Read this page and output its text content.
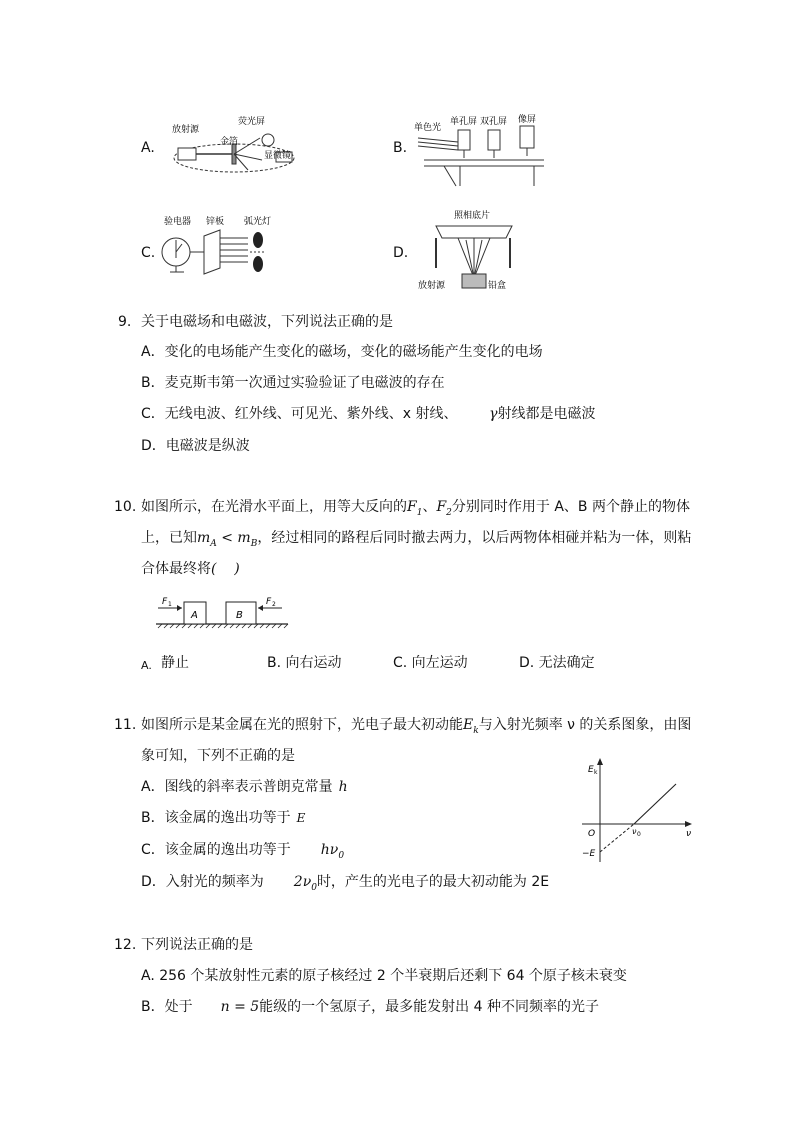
A.
放射源
荧光屏
金箔
显微镜	B.
单色光
单孔屏 双孔屏 像屏
C.
验电器 锌板 弧光灯
D.
照相底片
放射源	铅盒
9. 关于电磁场和电磁波，下列说法正确的是
A．变化的电场能产生变化的磁场，变化的磁场能产生变化的电场
B．麦克斯韦第一次通过实验验证了电磁波的存在
C．无线电波、红外线、可见光、紫外线、x 射线、 γ射线都是电磁波
D．电磁波是纵波
10. 如图所示，在光滑水平面上，用等大反向的$F_1$、$F_2$分别同时作用于 A、B 两个静止的物体
上，已知$m_A < m_B$，经过相同的路程后同时撤去两力，以后两物体相碰并粘为一体，则粘
合体最终将(    )
A	B
F 1	F 2
A. 静止	B. 向右运动	C. 向左运动	D. 无法确定
11. 如图所示是某金属在光的照射下，光电子最大初动能$E_k$与入射光频率 ν 的关系图象，由图
象可知，下列不正确的是
A．图线的斜率表示普朗克常量 h
B．该金属的逸出功等于 E
C．该金属的逸出功等于 $h\nu_0$
D．入射光的频率为 $2\nu_0$时，产生的光电子的最大初动能为 2E
E k
ν
O	ν 0
−E
12. 下列说法正确的是
A. 256 个某放射性元素的原子核经过 2 个半衰期后还剩下 64 个原子核未衰变
B．处于 n = 5能级的一个氢原子，最多能发射出 4 种不同频率的光子
